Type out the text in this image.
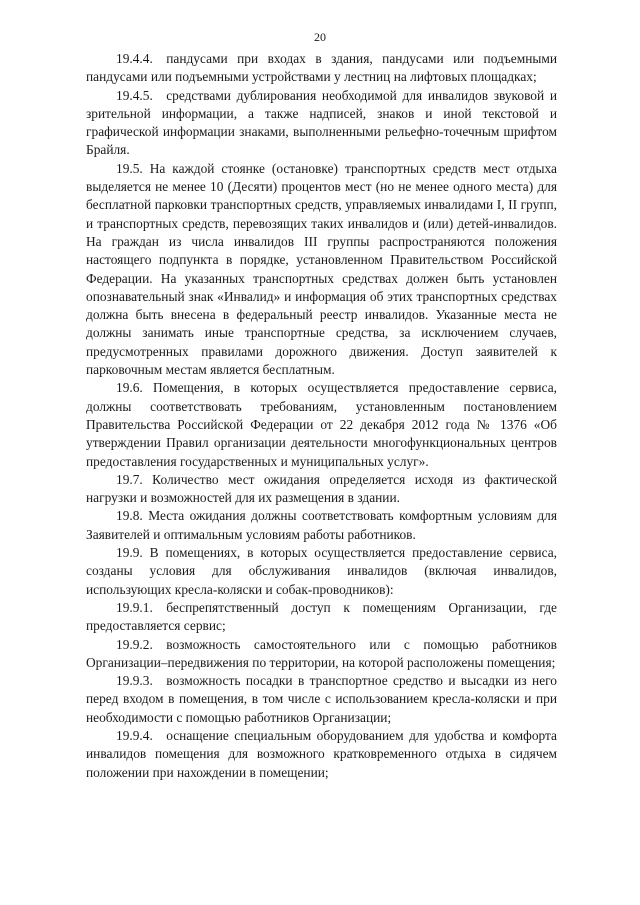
20

19.4.4. пандусами при входах в здания, пандусами или подъемными пандусами или подъемными устройствами у лестниц на лифтовых площадках;

19.4.5. средствами дублирования необходимой для инвалидов звуковой и зрительной информации, а также надписей, знаков и иной текстовой и графической информации знаками, выполненными рельефно-точечным шрифтом Брайля.

19.5. На каждой стоянке (остановке) транспортных средств мест отдыха выделяется не менее 10 (Десяти) процентов мест (но не менее одного места) для бесплатной парковки транспортных средств, управляемых инвалидами I, II групп, и транспортных средств, перевозящих таких инвалидов и (или) детей-инвалидов. На граждан из числа инвалидов III группы распространяются положения настоящего подпункта в порядке, установленном Правительством Российской Федерации. На указанных транспортных средствах должен быть установлен опознавательный знак «Инвалид» и информация об этих транспортных средствах должна быть внесена в федеральный реестр инвалидов. Указанные места не должны занимать иные транспортные средства, за исключением случаев, предусмотренных правилами дорожного движения. Доступ заявителей к парковочным местам является бесплатным.

19.6. Помещения, в которых осуществляется предоставление сервиса, должны соответствовать требованиям, установленным постановлением Правительства Российской Федерации от 22 декабря 2012 года № 1376 «Об утверждении Правил организации деятельности многофункциональных центров предоставления государственных и муниципальных услуг».

19.7. Количество мест ожидания определяется исходя из фактической нагрузки и возможностей для их размещения в здании.

19.8. Места ожидания должны соответствовать комфортным условиям для Заявителей и оптимальным условиям работы работников.

19.9. В помещениях, в которых осуществляется предоставление сервиса, созданы условия для обслуживания инвалидов (включая инвалидов, использующих кресла-коляски и собак-проводников):

19.9.1. беспрепятственный доступ к помещениям Организации, где предоставляется сервис;

19.9.2. возможность самостоятельного или с помощью работников Организации–передвижения по территории, на которой расположены помещения;

19.9.3. возможность посадки в транспортное средство и высадки из него перед входом в помещения, в том числе с использованием кресла-коляски и при необходимости с помощью работников Организации;

19.9.4. оснащение специальным оборудованием для удобства и комфорта инвалидов помещения для возможного кратковременного отдыха в сидячем положении при нахождении в помещении;
